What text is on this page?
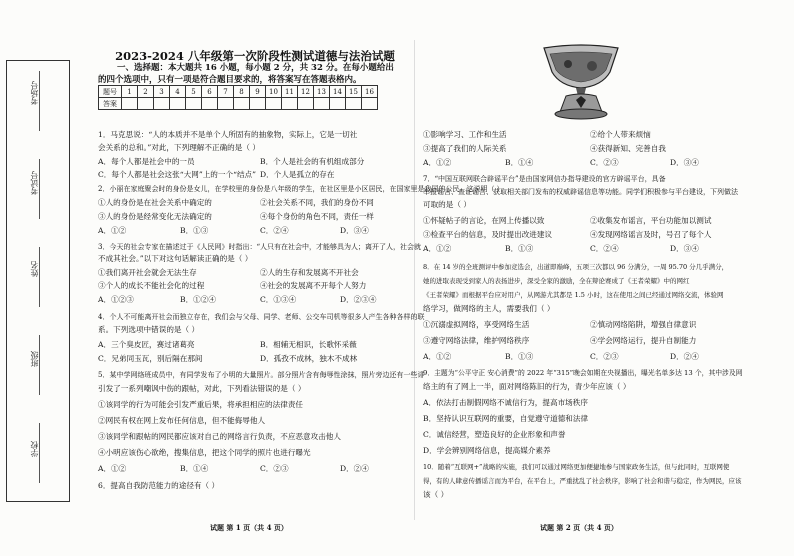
考场号
考试号
姓名
班级
学校
2023-2024 八年级第一次阶段性测试道德与法治试题
一、选择题：本大题共 16 小题，每小题 2 分，共 32 分。在每小题给出
的四个选项中，只有一项是符合题目要求的，将答案写在答题表格内。
题号	1	2	3	4	5	6	7	8	9	10	11	12	13	14	15	16
答案																
1．马克思说：“人的本质并不是单个人所固有的抽象物，实际上，它是一切社
会关系的总和。”对此，下列理解不正确的是（ ）
A．每个人都是社会中的一员	B．个人是社会的有机组成部分
C．每个人都是社会这张“大网”上的一个“结点” D．个人是孤立的存在
2．小丽在家庭聚会时的身份是女儿，在学校里的身份是八年级的学生，在社区里是小区居民，在国家里是我国的公民。这说明（ ）
①人的身份是在社会关系中确定的	②社会关系不同，我们的身份不同
③人的身份是经常变化无法确定的	④每个身份的角色不同，责任一样
A．①②	B．①③	C．②④	D．③④
3．今天的社会专家在描述过于《人民网》时指出：“人只有在社会中，才能够具为人；离开了人，社会就
不成其社会。”以下对这句话解读正确的是（ ）
①我们离开社会就会无法生存	②人的生存和发展离不开社会
③个人的成长不能社会化的过程	④社会的发展离不开每个人努力
A．①②③	B．①②④	C．①③④	D．②③④
4．个人不可能离开社会而独立存在，我们会与父母、同学、老师、公交车司机等很多人产生各种各样的联
系。下列选项中错误的是（ ）
A．三个臭皮匠，赛过诸葛亮	B．相辅无相识，长歌怀采薇
C．兄弟同玉瓦，别后隔在那间	D．孤孜不成林，独木不成林
5．某中学网络班成员中，有同学发布了小明的大量照片。部分照片含有侮辱性涂抹，照片旁边还有一些诽
引发了一系列嘲讽中伤的跟帖，对此，下列看法错误的是（ ）
①该同学的行为可能会引发严重后果，将承担相应的法律责任
②网民有权在网上发布任何信息，但不能侮辱他人
③该同学和跟帖的网民都应该对自己的网络言行负责，不应恶意攻击他人
④小明应该伤心欲绝，搜集信息，把这个同学的照片也进行曝光
A．①②	B．①④	C．②③	D．②④
6．提高自我防范能力的途径有（ ）
试题 第 1 页（共 4 页）
①影响学习、工作和生活	②给个人带来烦恼
③提高了我们的人际关系	④获得新知、完善自我
A．①②	B．①④	C．②③	D．③④
7．“中国互联网联合辟谣平台”是由国家网信办指导建设的官方辟谣平台，具备
举报谣言、查证谣言、获取相关部门发布的权威辟谣信息等功能。同学们积极参与平台建设，下列做法
可取的是（ ）
①怀疑帖子的言论，在网上传播以致	②收集发布谣言，平台功能加以测试
③检查平台的信息，及时提出改进建议	④发现网络谣言及时，号召了每个人
A．①②	B．①③	C．②④	D．③④
8．在 14 岁的全班测评中参加竞选会，出道即巅峰，五项三次都以 96 分满分，一周 95.70 分几乎满分，
她的进取表现受到家人的表扬进步，深受全家的激励，全在辩论赛成了《王者荣耀》中的网红
《王者荣耀》而根据平台应对用户，从网游尤其都是 1.5 小时，这在使用之间已经通过网络交流，体验网
络学习，做网络的主人，需要我们（ ）
①沉溺虚拟网络，享受网络生活	②慎动网络陷阱，增强自律意识
③遵守网络法律，维护网络秩序	④学会网络运行，提升自制能力
A．①②	B．①③	C．②③	D．②④
9．主题为“公平守正 安心消费”的 2022 年“315”晚会如期在央视播出，曝光名单多达 13 个，其中涉及网
络主的有了网上一半，面对网络陈旧的行为，青少年应该（ ）
A．依法打击制假网络不诚信行为，提高市场秩序
B．坚持认识互联网的重要，自觉遵守道德和法律
C．诚信经营，塑造良好的企业形象和声誉
D．学会辨别网络信息，提高媒介素养
10．随着“互联网+”战略的实施，我们可以通过网络更加便捷地参与国家政务生活，但与此同时，互联网使
得，有的人肆意传播谣言而为平台，在平台上，严重扰乱了社会秩序，影响了社会和谐与稳定，作为网民，应该
该（ ）
试题 第 2 页（共 4 页）
